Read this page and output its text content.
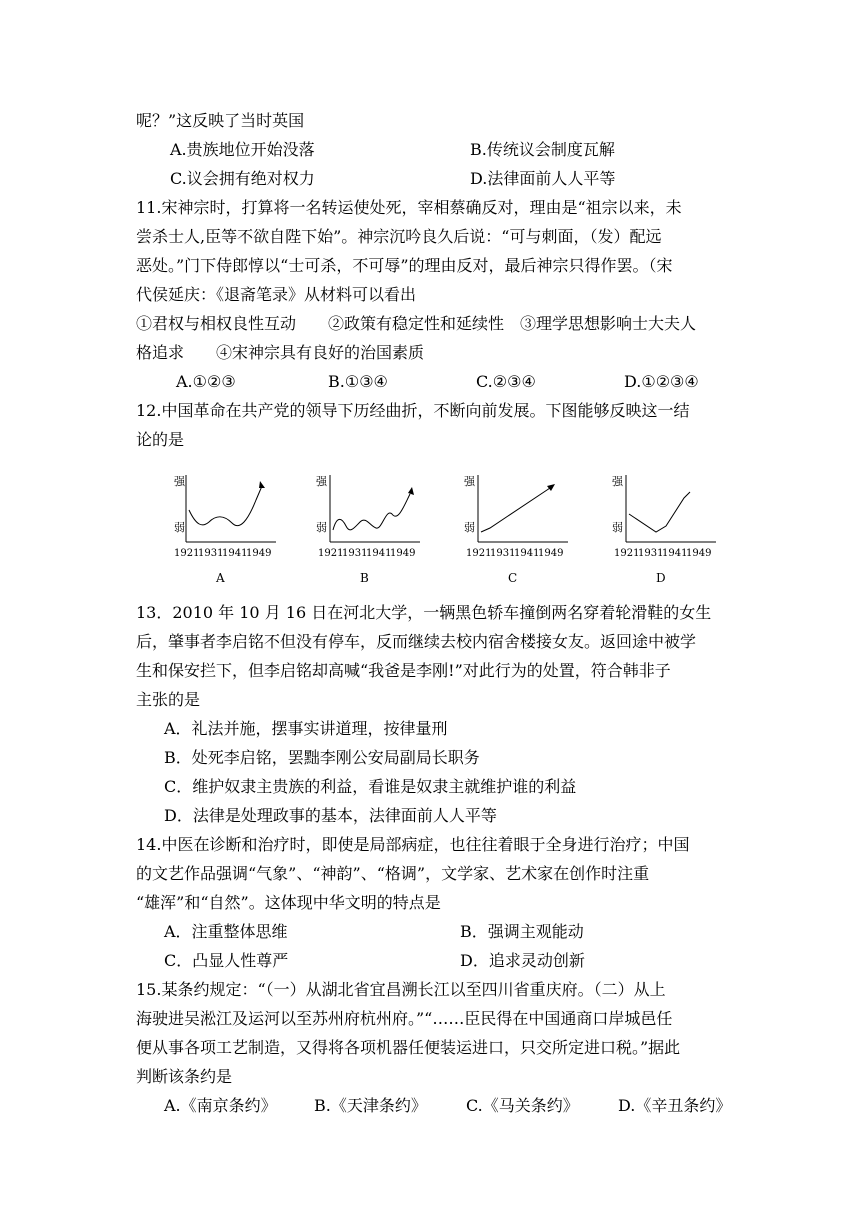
呢？”这反映了当时英国
A.贵族地位开始没落	B.传统议会制度瓦解
C.议会拥有绝对权力	D.法律面前人人平等
11.宋神宗时，打算将一名转运使处死，宰相蔡确反对，理由是“祖宗以来，未
尝杀士人,臣等不欲自陛下始”。神宗沉吟良久后说：“可与刺面，（发）配远
恶处。”门下侍郎惇以“士可杀，不可辱”的理由反对，最后神宗只得作罢。（宋
代侯延庆：《退斋笔录》从材料可以看出
①君权与相权良性互动　　②政策有稳定性和延续性　③理学思想影响士大夫人
格追求　　④宋神宗具有良好的治国素质
A.①②③	B.①③④	C.②③④	D.①②③④
12.中国革命在共产党的领导下历经曲折，不断向前发展。下图能够反映这一结
论的是
强
弱
1921
1931
1941
1949
A
强
弱
1921
1931
1941
1949
B
强
弱
1921
1931
1941
1949
C
强
弱
1921
1931
1941
1949
D
13．2010 年 10 月 16 日在河北大学，一辆黑色轿车撞倒两名穿着轮滑鞋的女生
后，肇事者李启铭不但没有停车，反而继续去校内宿舍楼接女友。返回途中被学
生和保安拦下，但李启铭却高喊“我爸是李刚!”对此行为的处置，符合韩非子
主张的是
A．礼法并施，摆事实讲道理，按律量刑
B．处死李启铭，罢黜李刚公安局副局长职务
C．维护奴隶主贵族的利益，看谁是奴隶主就维护谁的利益
D．法律是处理政事的基本，法律面前人人平等
14.中医在诊断和治疗时，即使是局部病症，也往往着眼于全身进行治疗；中国
的文艺作品强调“气象”、“神韵”、“格调”，文学家、艺术家在创作时注重
“雄浑”和“自然”。这体现中华文明的特点是
A．注重整体思维	B．强调主观能动
C．凸显人性尊严	D．追求灵动创新
15.某条约规定：“（一）从湖北省宜昌溯长江以至四川省重庆府。（二）从上
海驶进吴淞江及运河以至苏州府杭州府。”“……臣民得在中国通商口岸城邑任
便从事各项工艺制造，又得将各项机器任便装运进口，只交所定进口税。”据此
判断该条约是
A.《南京条约》 B.《天津条约》 C.《马关条约》 D.《辛丑条约》
